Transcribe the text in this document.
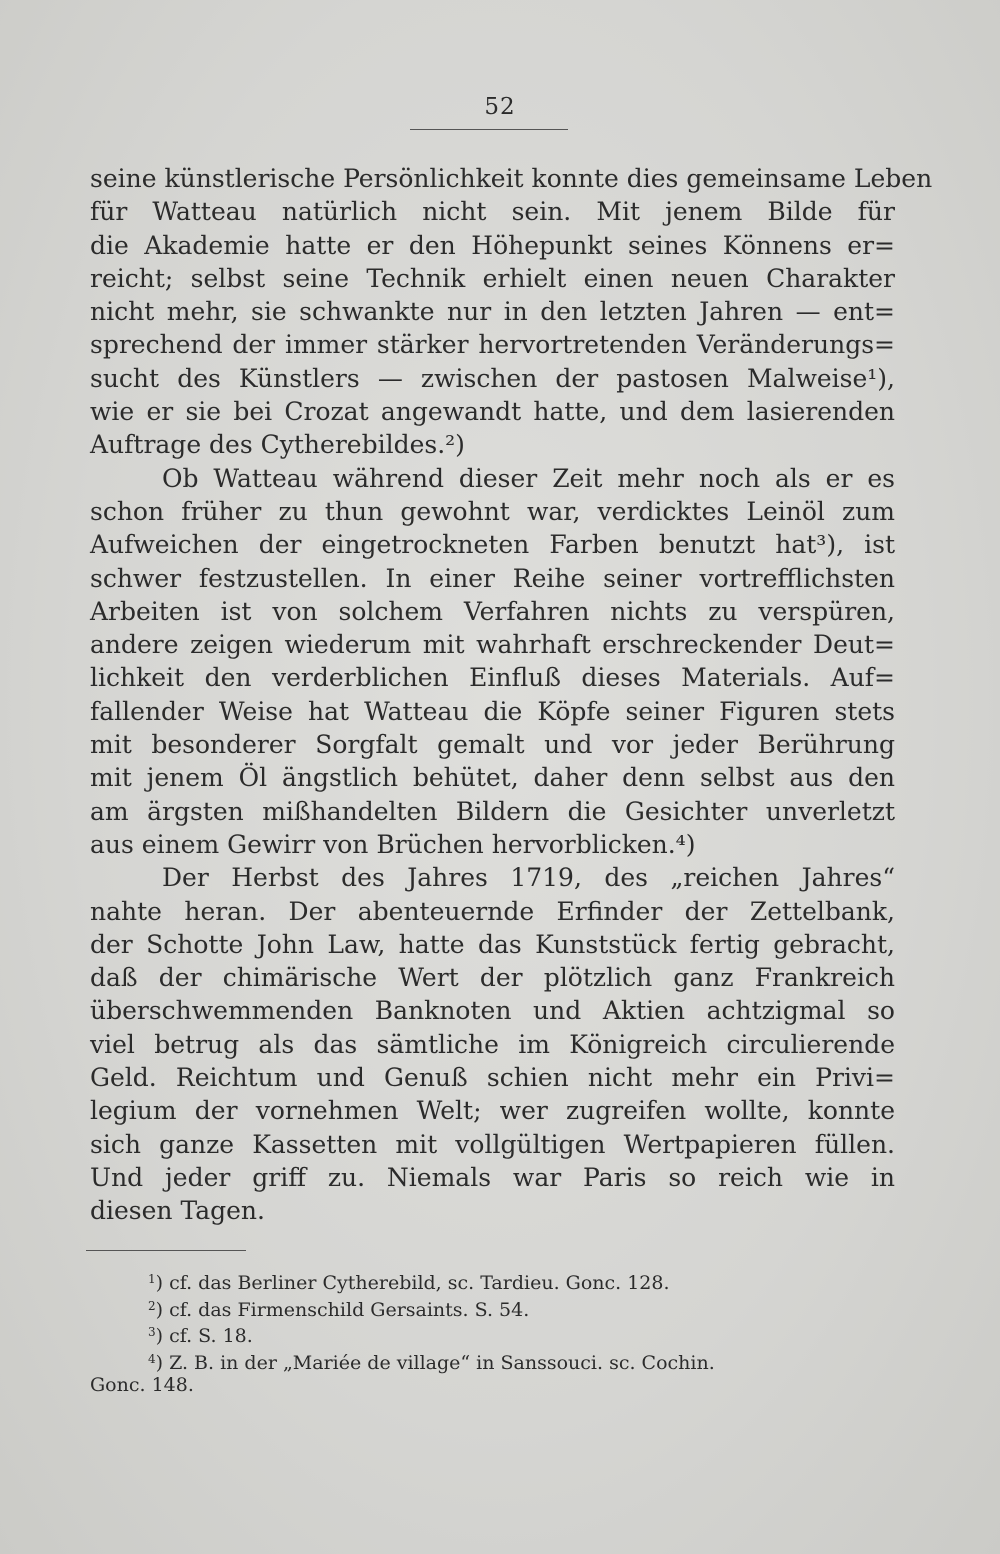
52
seine künstlerische Persönlichkeit konnte dies gemeinsame Leben
für Watteau natürlich nicht sein. Mit jenem Bilde für
die Akademie hatte er den Höhepunkt seines Könnens er=
reicht; selbst seine Technik erhielt einen neuen Charakter
nicht mehr, sie schwankte nur in den letzten Jahren — ent=
sprechend der immer stärker hervortretenden Veränderungs=
sucht des Künstlers — zwischen der pastosen Malweise¹),
wie er sie bei Crozat angewandt hatte, und dem lasierenden
Auftrage des Cytherebildes.²)
Ob Watteau während dieser Zeit mehr noch als er es
schon früher zu thun gewohnt war, verdicktes Leinöl zum
Aufweichen der eingetrockneten Farben benutzt hat³), ist
schwer festzustellen. In einer Reihe seiner vortrefflichsten
Arbeiten ist von solchem Verfahren nichts zu verspüren,
andere zeigen wiederum mit wahrhaft erschreckender Deut=
lichkeit den verderblichen Einfluß dieses Materials. Auf=
fallender Weise hat Watteau die Köpfe seiner Figuren stets
mit besonderer Sorgfalt gemalt und vor jeder Berührung
mit jenem Öl ängstlich behütet, daher denn selbst aus den
am ärgsten mißhandelten Bildern die Gesichter unverletzt
aus einem Gewirr von Brüchen hervorblicken.⁴)
Der Herbst des Jahres 1719, des „reichen Jahres“
nahte heran. Der abenteuernde Erfinder der Zettelbank,
der Schotte John Law, hatte das Kunststück fertig gebracht,
daß der chimärische Wert der plötzlich ganz Frankreich
überschwemmenden Banknoten und Aktien achtzigmal so
viel betrug als das sämtliche im Königreich circulierende
Geld. Reichtum und Genuß schien nicht mehr ein Privi=
legium der vornehmen Welt; wer zugreifen wollte, konnte
sich ganze Kassetten mit vollgültigen Wertpapieren füllen.
Und jeder griff zu. Niemals war Paris so reich wie in
diesen Tagen.
$^1$) cf. das Berliner Cytherebild, sc. Tardieu. Gonc. 128.
$^2$) cf. das Firmenschild Gersaints. S. 54.
$^3$) cf. S. 18.
$^4$) Z. B. in der „Mariée de village“ in Sanssouci. sc. Cochin.
Gonc. 148.
